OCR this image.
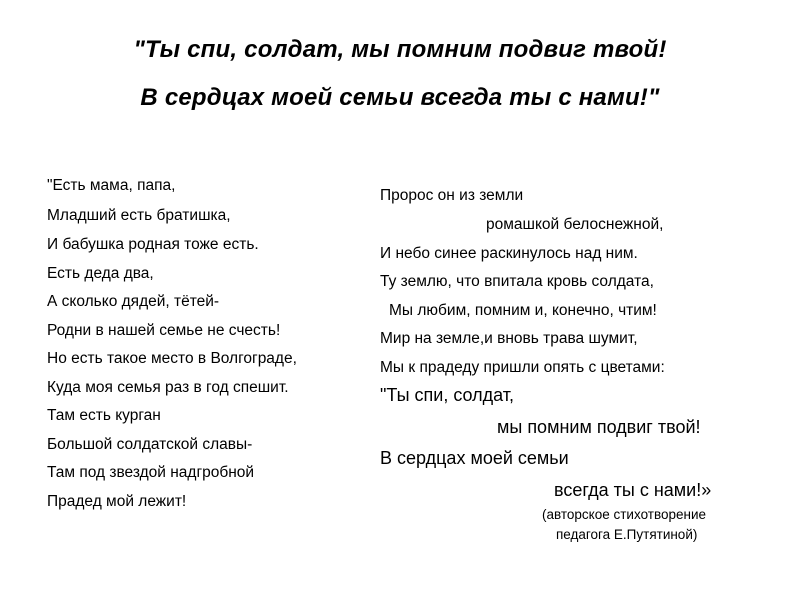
"Ты спи, солдат, мы помним подвиг твой!
В сердцах моей семьи всегда ты с нами!"
"Есть мама, папа,
Младший есть братишка,
И бабушка родная тоже есть.
Есть деда два,
А сколько дядей, тётей-
Родни в нашей семье не счесть!
Но есть такое место в Волгограде,
Куда моя семья раз в год спешит.
Там есть курган
Большой солдатской славы-
Там под звездой надгробной
Прадед мой лежит!
Пророс он из земли
ромашкой белоснежной,
И небо синее раскинулось над ним.
Ту землю, что впитала кровь солдата,
Мы любим, помним и, конечно, чтим!
Мир на земле,и вновь трава шумит,
Мы к прадеду пришли опять с цветами:
"Ты спи, солдат,
мы помним подвиг твой!
В сердцах моей семьи
всегда ты с нами!»
(авторское стихотворение
педагога Е.Путятиной)
